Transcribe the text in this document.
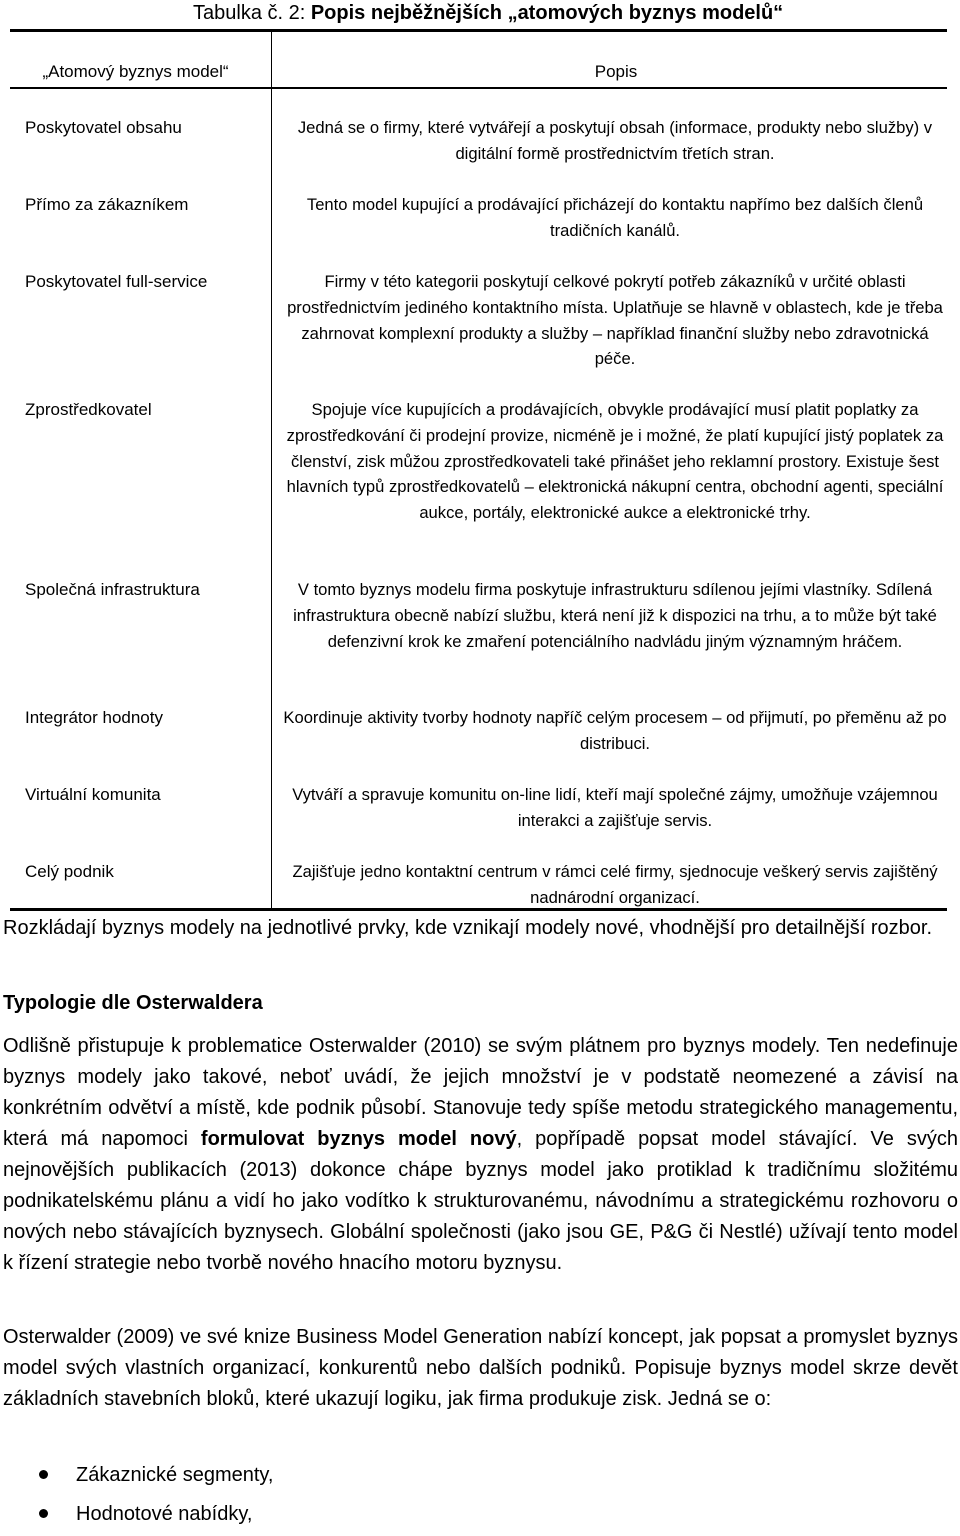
Tabulka č. 2: Popis nejběžnějších „atomových byznys modelů“
„Atomový byznys model“	Popis
Poskytovatel obsahu
Přímo za zákazníkem
Poskytovatel full-service
Zprostředkovatel
Společná infrastruktura
Integrátor hodnoty
Virtuální komunita
Celý podnik
Jedná se o firmy, které vytvářejí a poskytují obsah (informace, produkty nebo služby) v digitální formě prostřednictvím třetích stran.
Tento model kupující a prodávající přicházejí do kontaktu napřímo bez dalších členů tradičních kanálů.
Firmy v této kategorii poskytují celkové pokrytí potřeb zákazníků v určité oblasti prostřednictvím jediného kontaktního místa. Uplatňuje se hlavně v oblastech, kde je třeba zahrnovat komplexní produkty a služby – například finanční služby nebo zdravotnická péče.
Spojuje více kupujících a prodávajících, obvykle prodávající musí platit poplatky za zprostředkování či prodejní provize, nicméně je i možné, že platí kupující jistý poplatek za členství, zisk můžou zprostředkovateli také přinášet jeho reklamní prostory. Existuje šest hlavních typů zprostředkovatelů – elektronická nákupní centra, obchodní agenti, speciální aukce, portály, elektronické aukce a elektronické trhy.
V tomto byznys modelu firma poskytuje infrastrukturu sdílenou jejími vlastníky. Sdílená infrastruktura obecně nabízí službu, která není již k dispozici na trhu, a to může být také defenzivní krok ke zmaření potenciálního nadvládu jiným významným hráčem.
Koordinuje aktivity tvorby hodnoty napříč celým procesem – od přijmutí, po přeměnu až po distribuci.
Vytváří a spravuje komunitu on-line lidí, kteří mají společné zájmy, umožňuje vzájemnou interakci a zajišťuje servis.
Zajišťuje jedno kontaktní centrum v rámci celé firmy, sjednocuje veškerý servis zajištěný nadnárodní organizací.
Rozkládají byznys modely na jednotlivé prvky, kde vznikají modely nové, vhodnější pro detailnější rozbor.
Typologie dle Osterwaldera
Odlišně přistupuje k problematice Osterwalder (2010) se svým plátnem pro byznys modely. Ten nedefinuje byznys modely jako takové, neboť uvádí, že jejich množství je v podstatě neomezené a závisí na konkrétním odvětví a místě, kde podnik působí. Stanovuje tedy spíše metodu strategického managementu, která má napomoci formulovat byznys model nový, popřípadě popsat model stávající. Ve svých nejnovějších publikacích (2013) dokonce chápe byznys model jako protiklad k tradičnímu složitému podnikatelskému plánu a vidí ho jako vodítko k strukturovanému, návodnímu a strategickému rozhovoru o nových nebo stávajících byznysech. Globální společnosti (jako jsou GE, P&G či Nestlé) užívají tento model k řízení strategie nebo tvorbě nového hnacího motoru byznysu.
Osterwalder (2009) ve své knize Business Model Generation nabízí koncept, jak popsat a promyslet byznys model svých vlastních organizací, konkurentů nebo dalších podniků. Popisuje byznys model skrze devět základních stavebních bloků, které ukazují logiku, jak firma produkuje zisk. Jedná se o:
Zákaznické segmenty,
Hodnotové nabídky,
